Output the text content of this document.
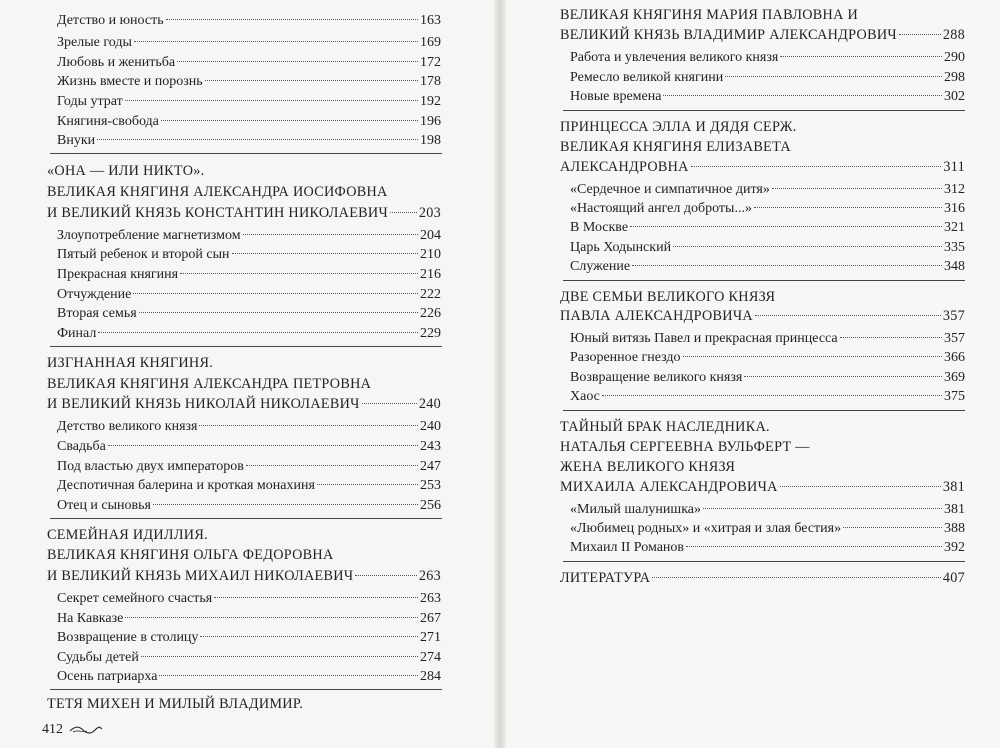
Детство и юность	163
Зрелые годы	169
Любовь и женитьба	172
Жизнь вместе и порознь	178
Годы утрат	192
Княгиня-свобода	196
Внуки	198
«ОНА — ИЛИ НИКТО».
ВЕЛИКАЯ КНЯГИНЯ АЛЕКСАНДРА ИОСИФОВНА
И ВЕЛИКИЙ КНЯЗЬ КОНСТАНТИН НИКОЛАЕВИЧ 203
Злоупотребление магнетизмом	204
Пятый ребенок и второй сын	210
Прекрасная княгиня	216
Отчуждение	222
Вторая семья	226
Финал	229
ИЗГНАННАЯ КНЯГИНЯ.
ВЕЛИКАЯ КНЯГИНЯ АЛЕКСАНДРА ПЕТРОВНА
И ВЕЛИКИЙ КНЯЗЬ НИКОЛАЙ НИКОЛАЕВИЧ	240
Детство великого князя	240
Свадьба	243
Под властью двух императоров	247
Деспотичная балерина и кроткая монахиня	253
Отец и сыновья	256
СЕМЕЙНАЯ ИДИЛЛИЯ.
ВЕЛИКАЯ КНЯГИНЯ ОЛЬГА ФЕДОРОВНА
И ВЕЛИКИЙ КНЯЗЬ МИХАИЛ НИКОЛАЕВИЧ	263
Секрет семейного счастья	263
На Кавказе	267
Возвращение в столицу	271
Судьбы детей	274
Осень патриарха	284
ТЕТЯ МИХЕН И МИЛЫЙ ВЛАДИМИР.
412
ВЕЛИКАЯ КНЯГИНЯ МАРИЯ ПАВЛОВНА И
ВЕЛИКИЙ КНЯЗЬ ВЛАДИМИР АЛЕКСАНДРОВИЧ	288
Работа и увлечения великого князя	290
Ремесло великой княгини	298
Новые времена	302
ПРИНЦЕССА ЭЛЛА И ДЯДЯ СЕРЖ.
ВЕЛИКАЯ КНЯГИНЯ ЕЛИЗАВЕТА
АЛЕКСАНДРОВНА	311
«Сердечное и симпатичное дитя»	312
«Настоящий ангел доброты...»	316
В Москве	321
Царь Ходынский	335
Служение	348
ДВЕ СЕМЬИ ВЕЛИКОГО КНЯЗЯ
ПАВЛА АЛЕКСАНДРОВИЧА	357
Юный витязь Павел и прекрасная принцесса	357
Разоренное гнездо	366
Возвращение великого князя	369
Хаос	375
ТАЙНЫЙ БРАК НАСЛЕДНИКА.
НАТАЛЬЯ СЕРГЕЕВНА ВУЛЬФЕРТ —
ЖЕНА ВЕЛИКОГО КНЯЗЯ
МИХАИЛА АЛЕКСАНДРОВИЧА	381
«Милый шалунишка»	381
«Любимец родных» и «хитрая и злая бестия»	388
Михаил II Романов	392
ЛИТЕРАТУРА	407
